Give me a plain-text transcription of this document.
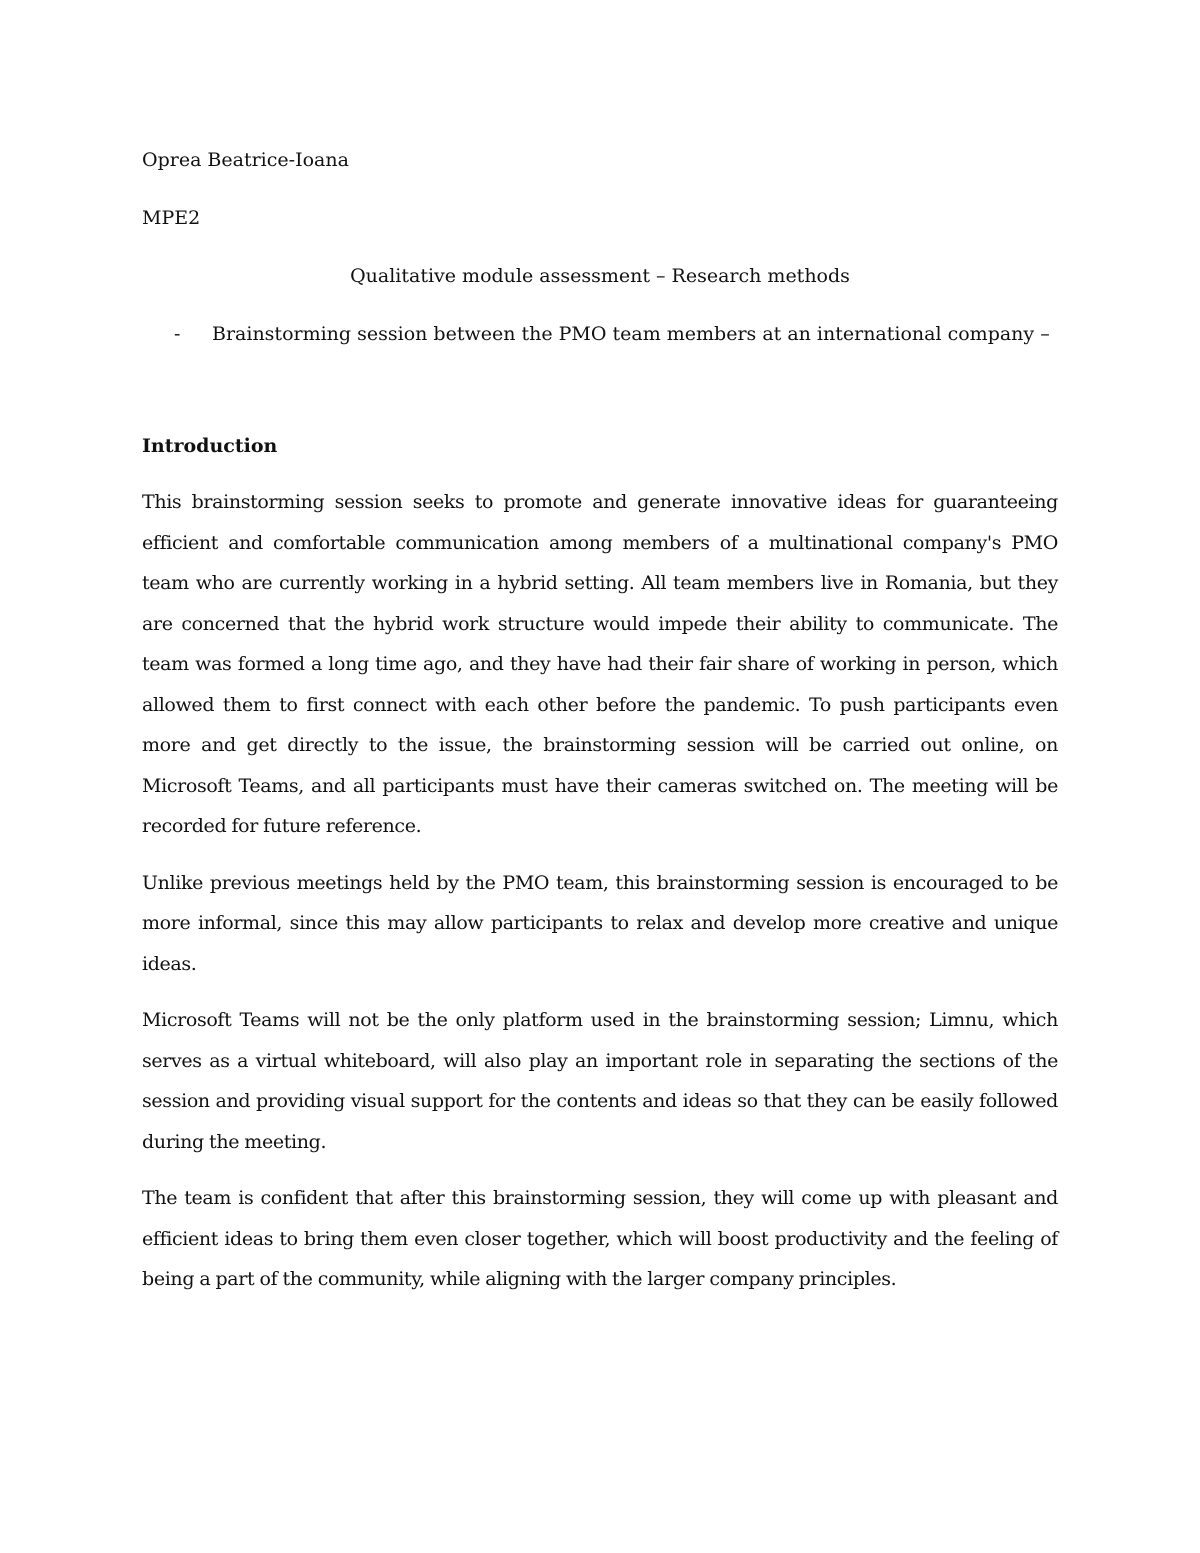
Oprea Beatrice-Ioana

MPE2

Qualitative module assessment – Research methods

- Brainstorming session between the PMO team members at an international company –

Introduction

This brainstorming session seeks to promote and generate innovative ideas for guaranteeing efficient and comfortable communication among members of a multinational company's PMO team who are currently working in a hybrid setting. All team members live in Romania, but they are concerned that the hybrid work structure would impede their ability to communicate. The team was formed a long time ago, and they have had their fair share of working in person, which allowed them to first connect with each other before the pandemic. To push participants even more and get directly to the issue, the brainstorming session will be carried out online, on Microsoft Teams, and all participants must have their cameras switched on. The meeting will be recorded for future reference.

Unlike previous meetings held by the PMO team, this brainstorming session is encouraged to be more informal, since this may allow participants to relax and develop more creative and unique ideas.

Microsoft Teams will not be the only platform used in the brainstorming session; Limnu, which serves as a virtual whiteboard, will also play an important role in separating the sections of the session and providing visual support for the contents and ideas so that they can be easily followed during the meeting.

The team is confident that after this brainstorming session, they will come up with pleasant and efficient ideas to bring them even closer together, which will boost productivity and the feeling of being a part of the community, while aligning with the larger company principles.
